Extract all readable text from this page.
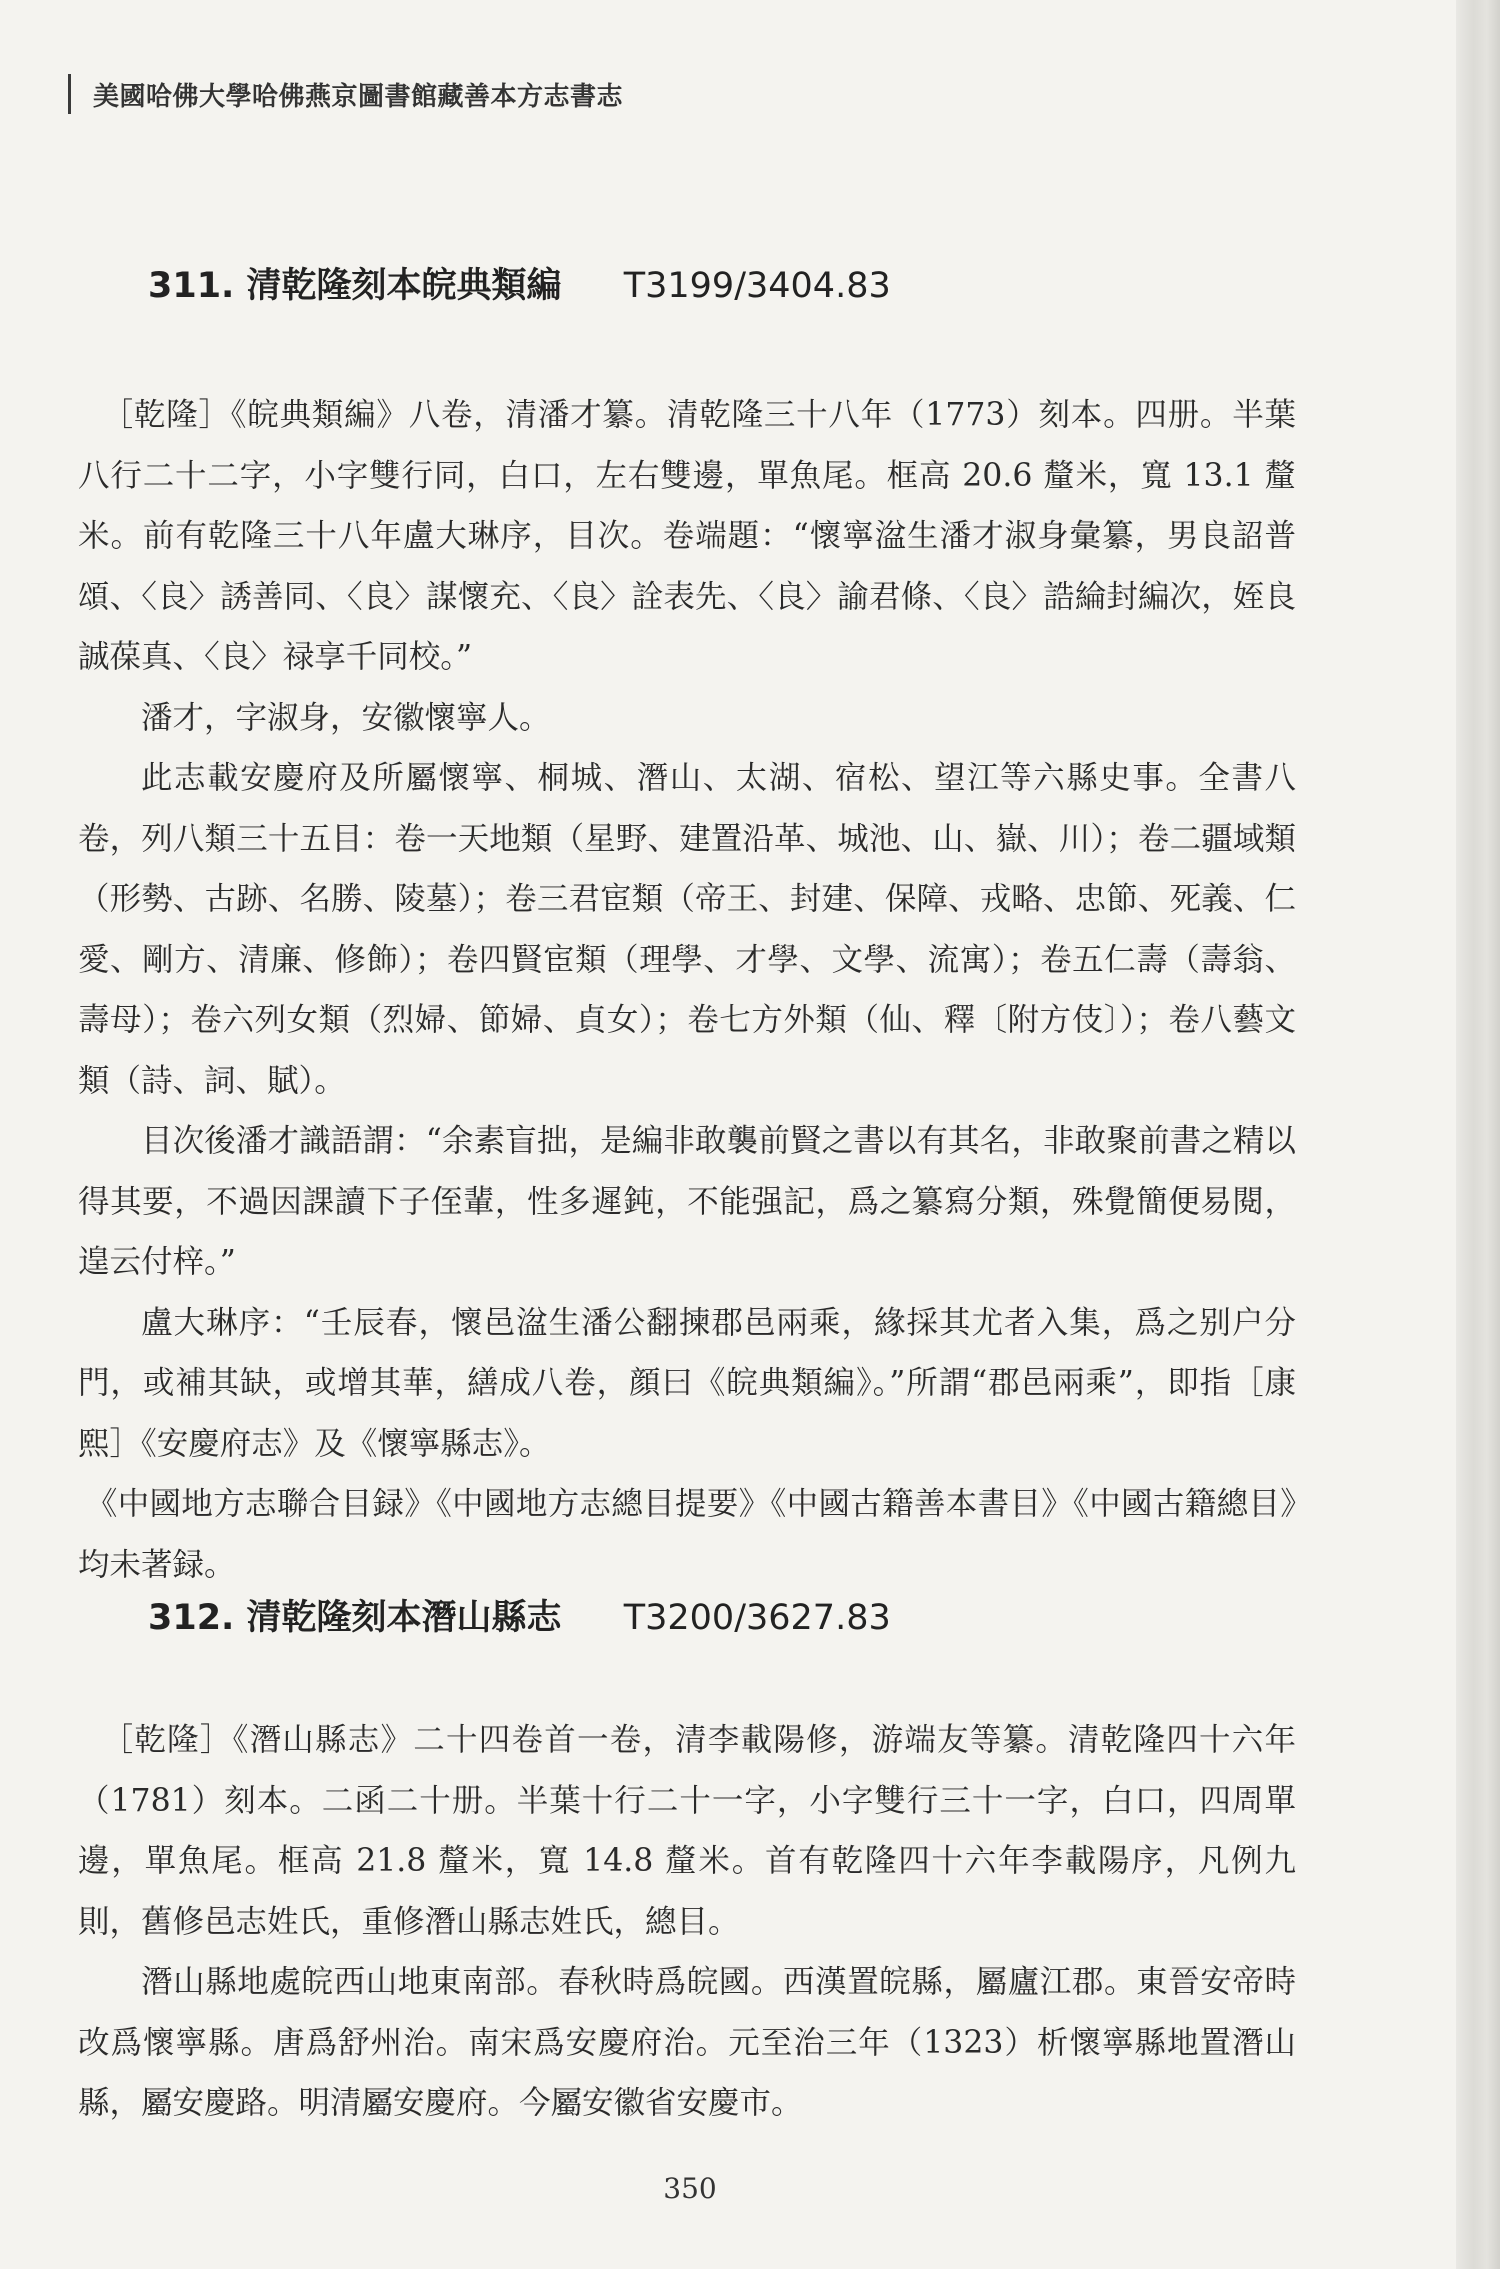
美國哈佛大學哈佛燕京圖書館藏善本方志書志
311. 清乾隆刻本皖典類編 T3199/3404.83

［乾隆］《皖典類編》八卷，清潘才纂。清乾隆三十八年（1773）刻本。四册。半葉八行二十二字，小字雙行同，白口，左右雙邊，單魚尾。框高 20.6 釐米，寬 13.1 釐米。前有乾隆三十八年盧大琳序，目次。卷端題：“懷寧湓生潘才淑身彙纂，男良詔普頌、〈良〉誘善同、〈良〉謀懷充、〈良〉詮表先、〈良〉諭君條、〈良〉誥綸封編次，姪良誠葆真、〈良〉禄享千同校。”

潘才，字淑身，安徽懷寧人。

此志載安慶府及所屬懷寧、桐城、潛山、太湖、宿松、望江等六縣史事。全書八卷，列八類三十五目：卷一天地類（星野、建置沿革、城池、山、嶽、川）；卷二疆域類（形勢、古跡、名勝、陵墓）；卷三君宦類（帝王、封建、保障、戎略、忠節、死義、仁愛、剛方、清廉、修飾）；卷四賢宦類（理學、才學、文學、流寓）；卷五仁壽（壽翁、壽母）；卷六列女類（烈婦、節婦、貞女）；卷七方外類（仙、釋〔附方伎〕）；卷八藝文類（詩、詞、賦）。

目次後潘才識語謂：“余素盲拙，是編非敢襲前賢之書以有其名，非敢聚前書之精以得其要，不過因課讀下子侄輩，性多遲鈍，不能强記，爲之纂寫分類，殊覺簡便易閱，遑云付梓。”

盧大琳序：“壬辰春，懷邑湓生潘公翻揀郡邑兩乘，緣採其尤者入集，爲之别户分門，或補其缺，或增其華，繕成八卷，顔曰《皖典類編》。”所謂“郡邑兩乘”，即指［康熙］《安慶府志》及《懷寧縣志》。

《中國地方志聯合目録》《中國地方志總目提要》《中國古籍善本書目》《中國古籍總目》均未著録。

312. 清乾隆刻本潛山縣志 T3200/3627.83

［乾隆］《潛山縣志》二十四卷首一卷，清李載陽修，游端友等纂。清乾隆四十六年（1781）刻本。二函二十册。半葉十行二十一字，小字雙行三十一字，白口，四周單邊，單魚尾。框高 21.8 釐米，寬 14.8 釐米。首有乾隆四十六年李載陽序，凡例九則，舊修邑志姓氏，重修潛山縣志姓氏，總目。

潛山縣地處皖西山地東南部。春秋時爲皖國。西漢置皖縣，屬廬江郡。東晉安帝時改爲懷寧縣。唐爲舒州治。南宋爲安慶府治。元至治三年（1323）析懷寧縣地置潛山縣，屬安慶路。明清屬安慶府。今屬安徽省安慶市。

350
